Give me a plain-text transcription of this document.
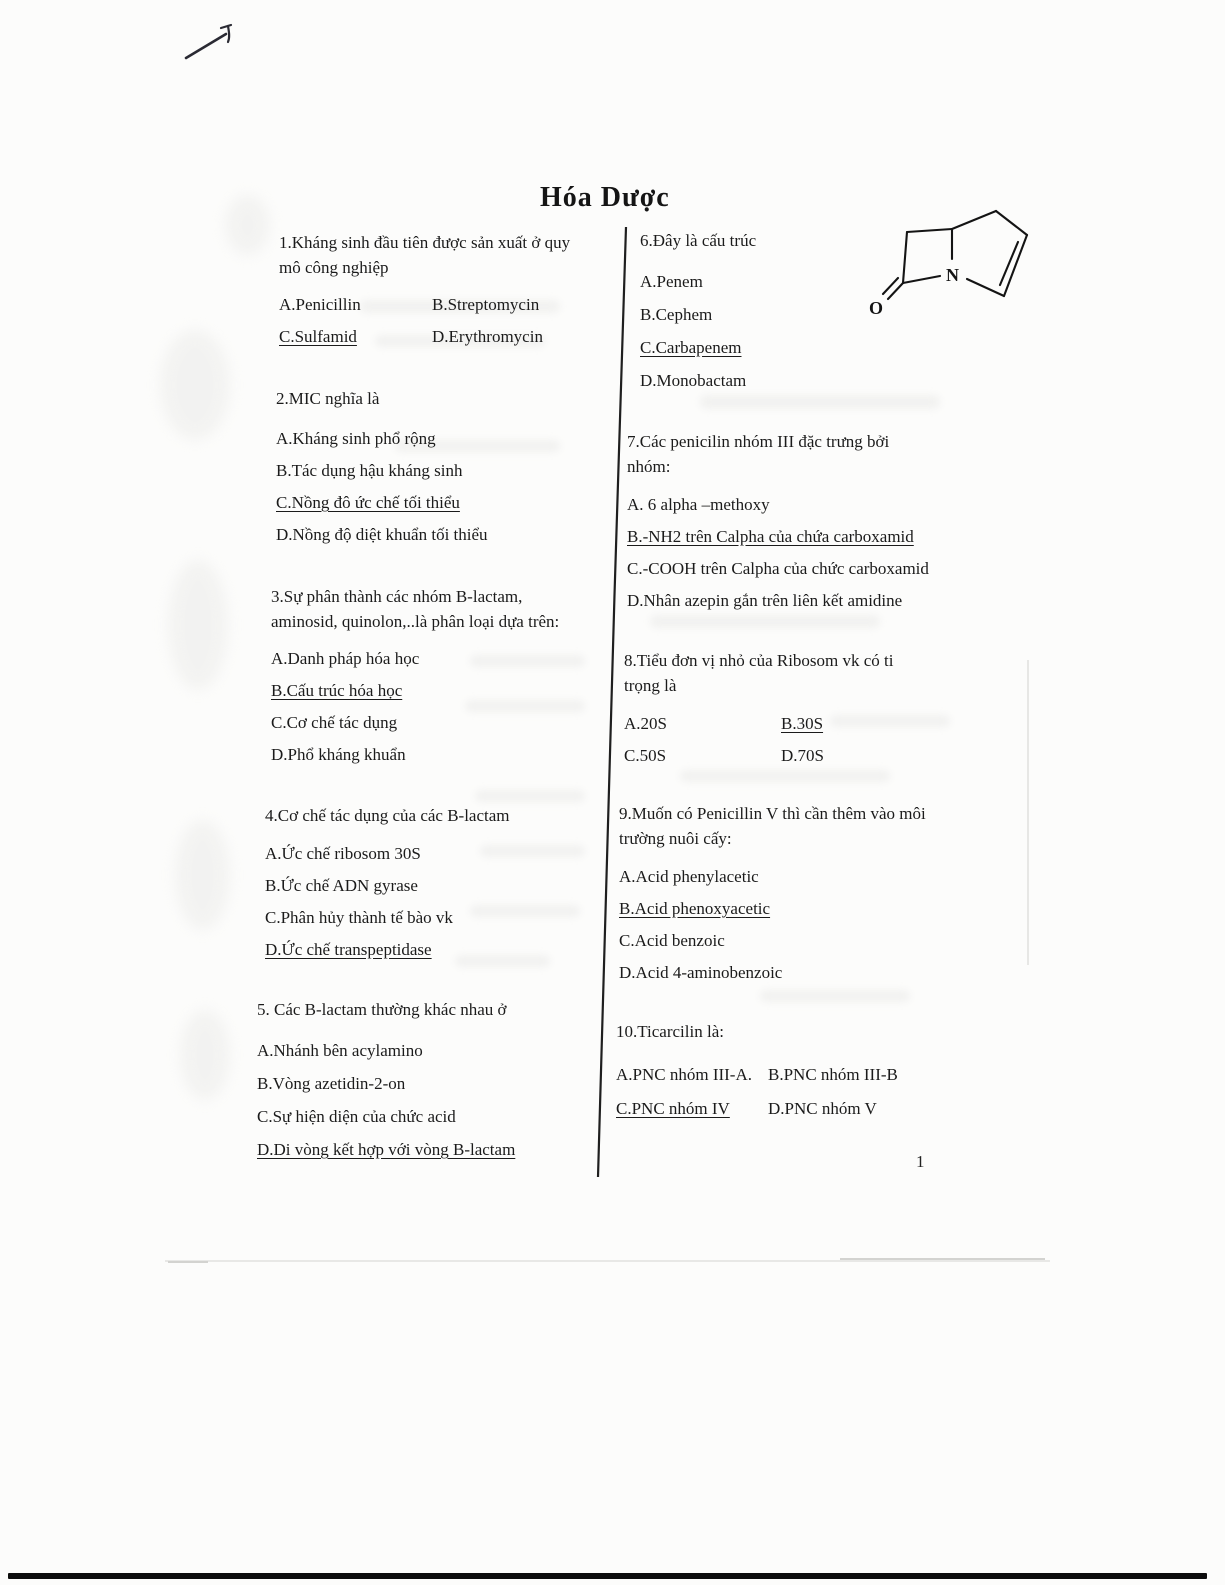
Hóa Dược
N
O
1.Kháng sinh đầu tiên được sản xuất ở quy
mô công nghiệp
A.Penicillin	B.Streptomycin
C.Sulfamid	D.Erythromycin
2.MIC nghĩa là
A.Kháng sinh phổ rộng
B.Tác dụng hậu kháng sinh
C.Nồng đô ức chế tối thiểu
D.Nồng độ diệt khuẩn tối thiểu
3.Sự phân thành các nhóm B-lactam,
aminosid, quinolon,..là phân loại dựa trên:
A.Danh pháp hóa học
B.Cấu trúc hóa học
C.Cơ chế tác dụng
D.Phổ kháng khuẩn
4.Cơ chế tác dụng của các B-lactam
A.Ức chế ribosom 30S
B.Ức chế ADN gyrase
C.Phân hủy thành tế bào vk
D.Ức chế transpeptidase
5. Các B-lactam thường khác nhau ở
A.Nhánh bên acylamino
B.Vòng azetidin-2-on
C.Sự hiện diện của chức acid
D.Di vòng kết hợp với vòng B-lactam
6.Đây là cấu trúc
A.Penem
B.Cephem
C.Carbapenem
D.Monobactam
7.Các penicilin nhóm III đặc trưng bởi
nhóm:
A. 6 alpha –methoxy
B.-NH2 trên Calpha của chứa carboxamid
C.-COOH trên Calpha của chức carboxamid
D.Nhân azepin gắn trên liên kết amidine
8.Tiểu đơn vị nhỏ của Ribosom vk có ti
trọng là
A.20S	B.30S
C.50S	D.70S
9.Muốn có Penicillin V thì cần thêm vào môi
trường nuôi cấy:
A.Acid phenylacetic
B.Acid phenoxyacetic
C.Acid benzoic
D.Acid 4-aminobenzoic
10.Ticarcilin là:
A.PNC nhóm III-A. B.PNC nhóm III-B
C.PNC nhóm IV	D.PNC nhóm V
1
